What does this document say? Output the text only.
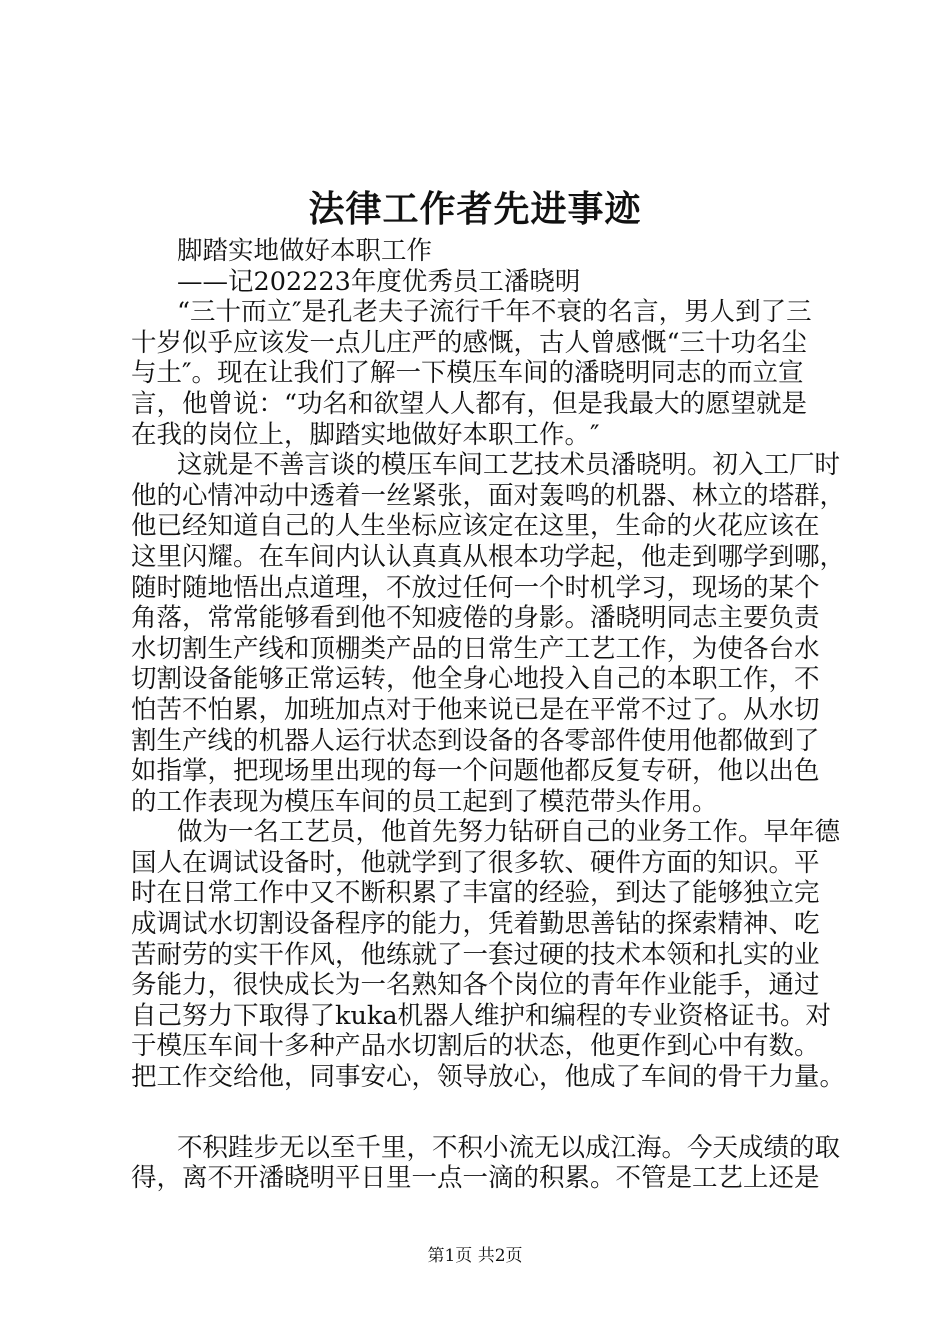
法律工作者先进事迹
脚踏实地做好本职工作
——记202223年度优秀员工潘晓明
“三十而立″是孔老夫子流行千年不衰的名言，男人到了三
十岁似乎应该发一点儿庄严的感慨，古人曾感慨“三十功名尘
与土″。现在让我们了解一下模压车间的潘晓明同志的而立宣
言，他曾说：“功名和欲望人人都有，但是我最大的愿望就是
在我的岗位上，脚踏实地做好本职工作。″
这就是不善言谈的模压车间工艺技术员潘晓明。初入工厂时
他的心情冲动中透着一丝紧张，面对轰鸣的机器、林立的塔群，
他已经知道自己的人生坐标应该定在这里，生命的火花应该在
这里闪耀。在车间内认认真真从根本功学起，他走到哪学到哪，
随时随地悟出点道理，不放过任何一个时机学习，现场的某个
角落，常常能够看到他不知疲倦的身影。潘晓明同志主要负责
水切割生产线和顶棚类产品的日常生产工艺工作，为使各台水
切割设备能够正常运转，他全身心地投入自己的本职工作，不
怕苦不怕累，加班加点对于他来说已是在平常不过了。从水切
割生产线的机器人运行状态到设备的各零部件使用他都做到了
如指掌，把现场里出现的每一个问题他都反复专研，他以出色
的工作表现为模压车间的员工起到了模范带头作用。
做为一名工艺员，他首先努力钻研自己的业务工作。早年德
国人在调试设备时，他就学到了很多软、硬件方面的知识。平
时在日常工作中又不断积累了丰富的经验，到达了能够独立完
成调试水切割设备程序的能力，凭着勤思善钻的探索精神、吃
苦耐劳的实干作风，他练就了一套过硬的技术本领和扎实的业
务能力，很快成长为一名熟知各个岗位的青年作业能手，通过
自己努力下取得了kuka机器人维护和编程的专业资格证书。对
于模压车间十多种产品水切割后的状态，他更作到心中有数。
把工作交给他，同事安心，领导放心，他成了车间的骨干力量。
不积跬步无以至千里，不积小流无以成江海。今天成绩的取
得，离不开潘晓明平日里一点一滴的积累。不管是工艺上还是
第1页 共2页
